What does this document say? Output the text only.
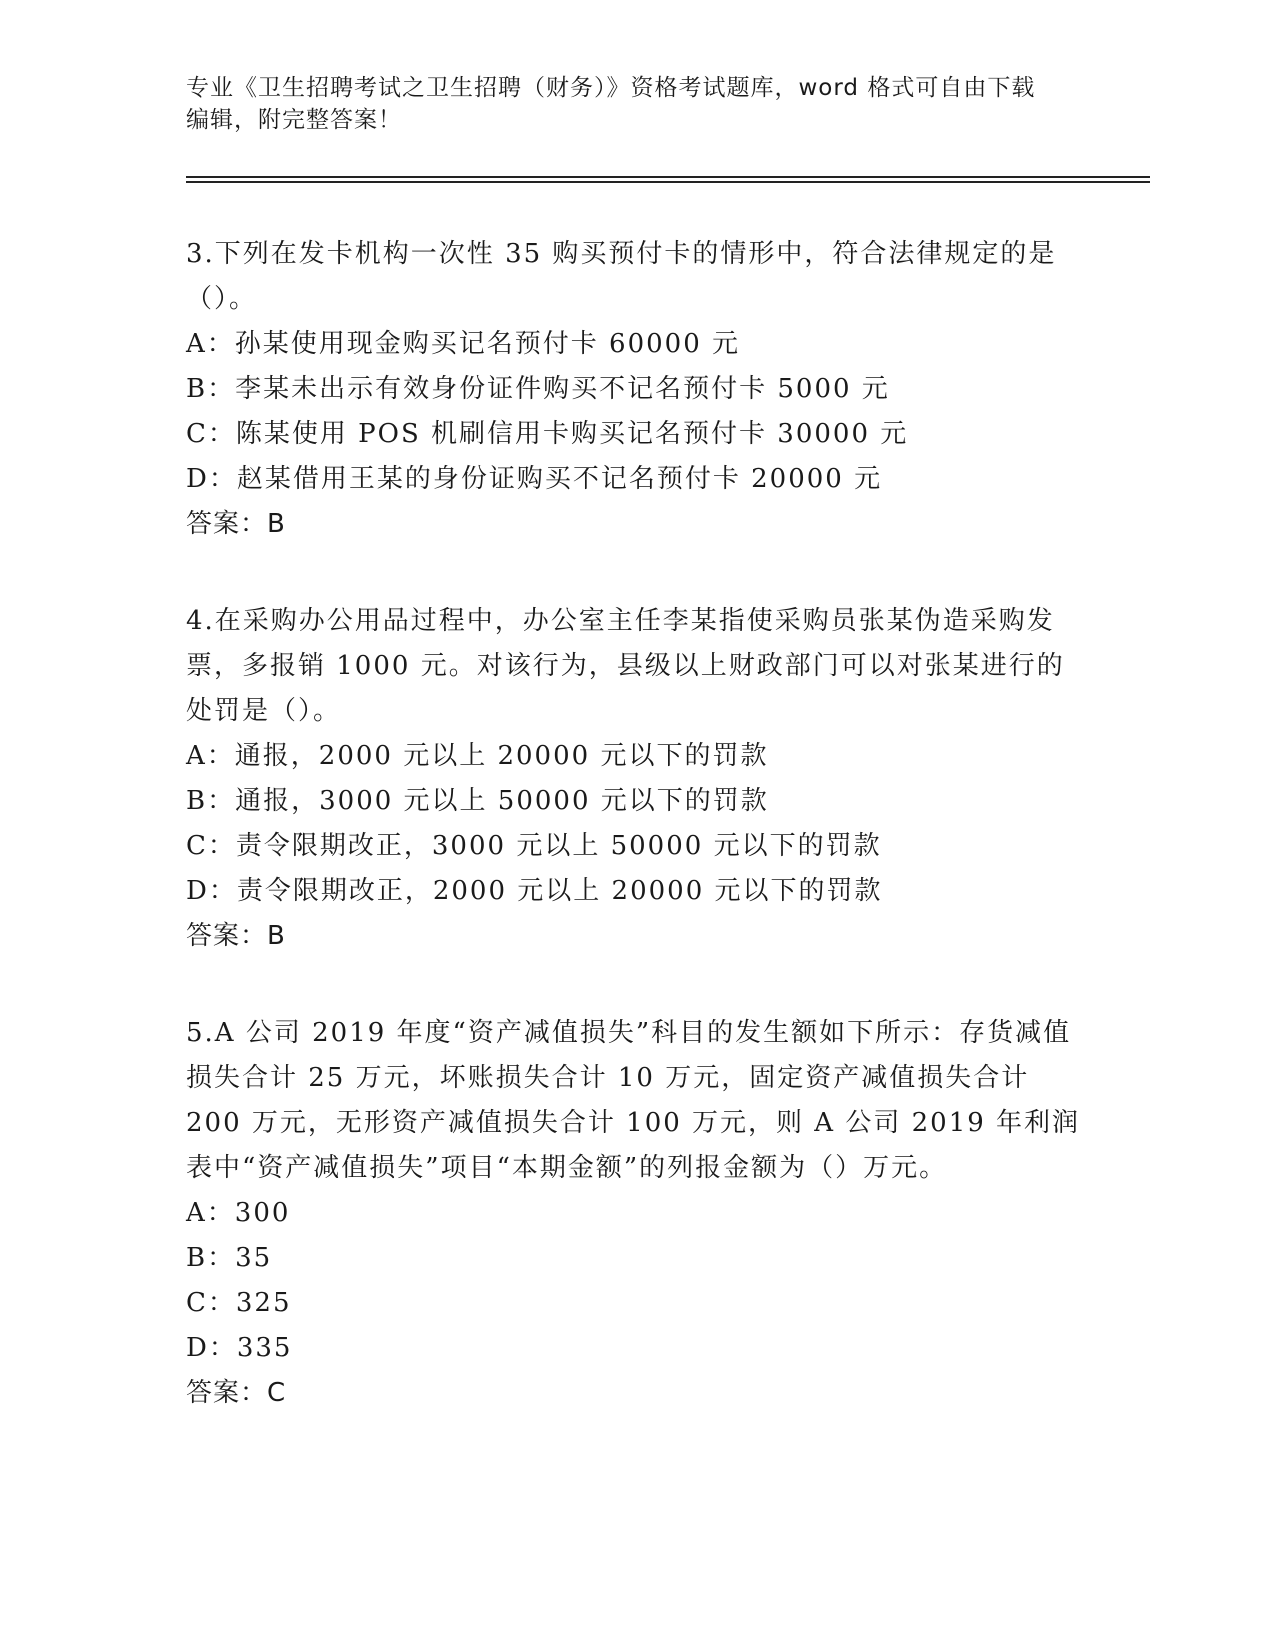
专业《卫生招聘考试之卫生招聘（财务）》资格考试题库，word 格式可自由下载
编辑，附完整答案！
3.下列在发卡机构一次性 35 购买预付卡的情形中，符合法律规定的是（）。
A：孙某使用现金购买记名预付卡 60000 元
B：李某未出示有效身份证件购买不记名预付卡 5000 元
C：陈某使用 POS 机刷信用卡购买记名预付卡 30000 元
D：赵某借用王某的身份证购买不记名预付卡 20000 元
答案：B
4.在采购办公用品过程中，办公室主任李某指使采购员张某伪造采购发票，多报销 1000 元。对该行为，县级以上财政部门可以对张某进行的处罚是（）。
A：通报，2000 元以上 20000 元以下的罚款
B：通报，3000 元以上 50000 元以下的罚款
C：责令限期改正，3000 元以上 50000 元以下的罚款
D：责令限期改正，2000 元以上 20000 元以下的罚款
答案：B
5.A 公司 2019 年度“资产减值损失”科目的发生额如下所示：存货减值损失合计 25 万元，坏账损失合计 10 万元，固定资产减值损失合计 200 万元，无形资产减值损失合计 100 万元，则 A 公司 2019 年利润表中“资产减值损失”项目“本期金额”的列报金额为（）万元。
A：300
B：35
C：325
D：335
答案：C
